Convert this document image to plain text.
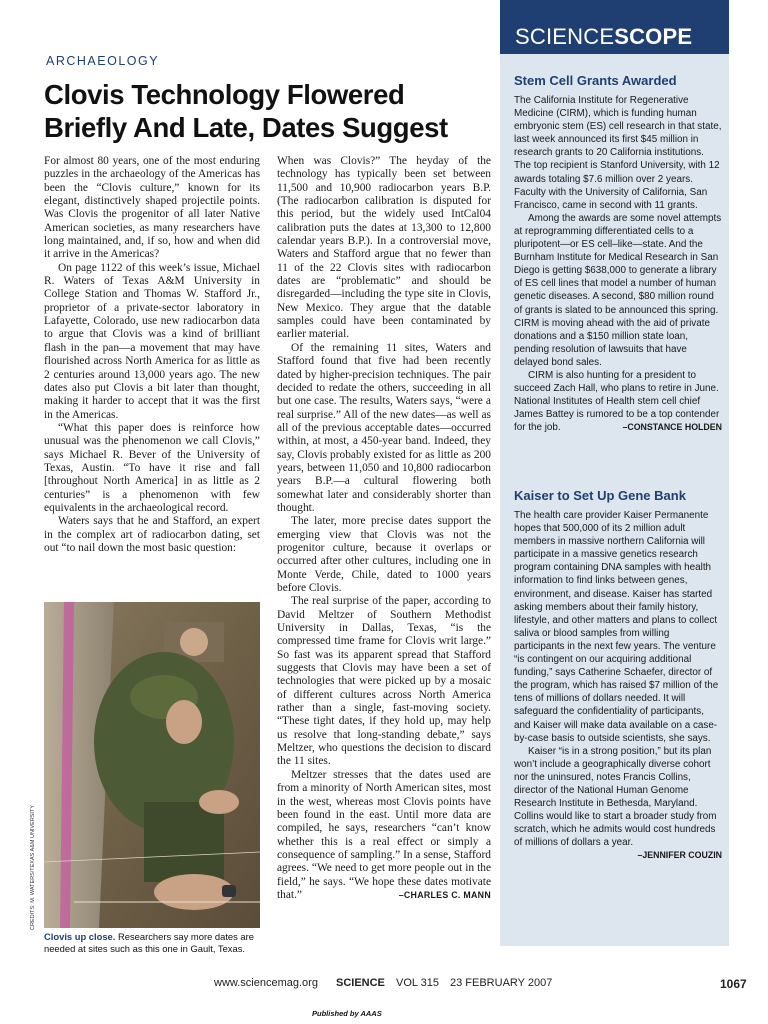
ARCHAEOLOGY
Clovis Technology Flowered Briefly And Late, Dates Suggest

For almost 80 years, one of the most enduring puzzles in the archaeology of the Americas has been the “Clovis culture,” known for its elegant, distinctively shaped projectile points. Was Clovis the progenitor of all later Native American societies, as many researchers have long maintained, and, if so, how and when did it arrive in the Americas?

On page 1122 of this week’s issue, Michael R. Waters of Texas A&M University in College Station and Thomas W. Stafford Jr., proprietor of a private-sector laboratory in Lafayette, Colorado, use new radiocarbon data to argue that Clovis was a kind of brilliant flash in the pan—a movement that may have flourished across North America for as little as 2 centuries around 13,000 years ago. The new dates also put Clovis a bit later than thought, making it harder to accept that it was the first in the Americas.

“What this paper does is reinforce how unusual was the phenomenon we call Clovis,” says Michael R. Bever of the University of Texas, Austin. “To have it rise and fall [throughout North America] in as little as 2 centuries” is a phenomenon with few equivalents in the archaeological record.

Waters says that he and Stafford, an expert in the complex art of radiocarbon dating, set out “to nail down the most basic question:

When was Clovis?” The heyday of the technology has typically been set between 11,500 and 10,900 radiocarbon years B.P. (The radiocarbon calibration is disputed for this period, but the widely used IntCal04 calibration puts the dates at 13,300 to 12,800 calendar years B.P.). In a controversial move, Waters and Stafford argue that no fewer than 11 of the 22 Clovis sites with radiocarbon dates are “problematic” and should be disregarded—including the type site in Clovis, New Mexico. They argue that the datable samples could have been contaminated by earlier material.

Of the remaining 11 sites, Waters and Stafford found that five had been recently dated by higher-precision techniques. The pair decided to redate the others, succeeding in all but one case. The results, Waters says, “were a real surprise.” All of the new dates—as well as all of the previous acceptable dates—occurred within, at most, a 450-year band. Indeed, they say, Clovis probably existed for as little as 200 years, between 11,050 and 10,800 radiocarbon years B.P.—a cultural flowering both somewhat later and considerably shorter than thought.

The later, more precise dates support the emerging view that Clovis was not the progenitor culture, because it overlaps or occurred after other cultures, including one in Monte Verde, Chile, dated to 1000 years before Clovis.

The real surprise of the paper, according to David Meltzer of Southern Methodist University in Dallas, Texas, “is the compressed time frame for Clovis writ large.” So fast was its apparent spread that Stafford suggests that Clovis may have been a set of technologies that were picked up by a mosaic of different cultures across North America rather than a single, fast-moving society. “These tight dates, if they hold up, may help us resolve that long-standing debate,” says Meltzer, who questions the decision to discard the 11 sites.

Meltzer stresses that the dates used are from a minority of North American sites, most in the west, whereas most Clovis points have been found in the east. Until more data are compiled, he says, researchers “can’t know whether this is a real effect or simply a consequence of sampling.” In a sense, Stafford agrees. “We need to get more people out in the field,” he says. “We hope these dates motivate that.”	–CHARLES C. MANN

CREDITS: M. WATERS/TEXAS A&M UNIVERSITY
Clovis up close. Researchers say more dates are needed at sites such as this one in Gault, Texas.
SCIENCESCOPE
Stem Cell Grants Awarded

The California Institute for Regenerative Medicine (CIRM), which is funding human embryonic stem (ES) cell research in that state, last week announced its first $45 million in research grants to 20 California institutions. The top recipient is Stanford University, with 12 awards totaling $7.6 million over 2 years. Faculty with the University of California, San Francisco, came in second with 11 grants.

Among the awards are some novel attempts at reprogramming differentiated cells to a pluripotent—or ES cell–like—state. And the Burnham Institute for Medical Research in San Diego is getting $638,000 to generate a library of ES cell lines that model a number of human genetic diseases. A second, $80 million round of grants is slated to be announced this spring. CIRM is moving ahead with the aid of private donations and a $150 million state loan, pending resolution of lawsuits that have delayed bond sales.

CIRM is also hunting for a president to succeed Zach Hall, who plans to retire in June. National Institutes of Health stem cell chief James Battey is rumored to be a top contender for the job.	–CONSTANCE HOLDEN

Kaiser to Set Up Gene Bank

The health care provider Kaiser Permanente hopes that 500,000 of its 2 million adult members in massive northern California will participate in a massive genetics research program containing DNA samples with health information to find links between genes, environment, and disease. Kaiser has started asking members about their family history, lifestyle, and other matters and plans to collect saliva or blood samples from willing participants in the next few years. The venture “is contingent on our acquiring additional funding,” says Catherine Schaefer, director of the program, which has raised $7 million of the tens of millions of dollars needed. It will safeguard the confidentiality of participants, and Kaiser will make data available on a case-by-case basis to outside scientists, she says.

Kaiser “is in a strong position,” but its plan won’t include a geographically diverse cohort nor the uninsured, notes Francis Collins, director of the National Human Genome Research Institute in Bethesda, Maryland. Collins would like to start a broader study from scratch, which he admits would cost hundreds of millions of dollars a year.

–JENNIFER COUZIN
www.sciencemag.org SCIENCE VOL 315 23 FEBRUARY 2007	1067
Published by AAAS
